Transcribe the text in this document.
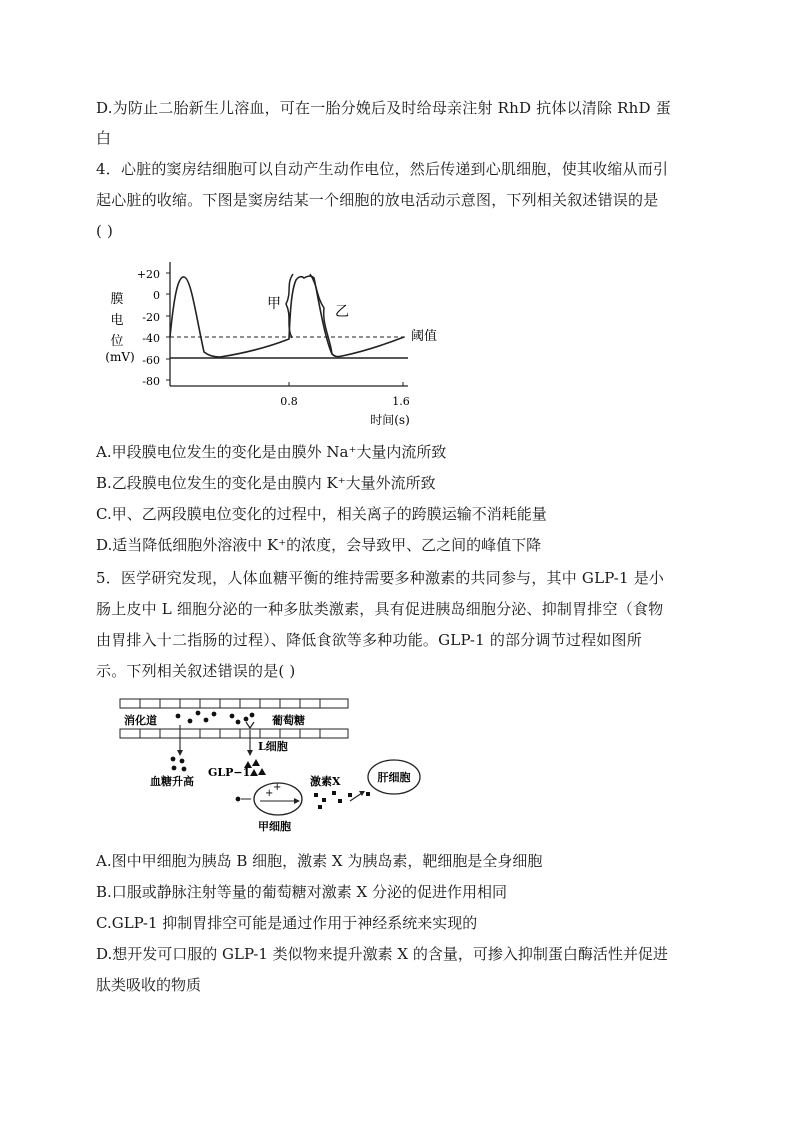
D.为防止二胎新生儿溶血，可在一胎分娩后及时给母亲注射 RhD 抗体以清除 RhD 蛋
白
4．心脏的窦房结细胞可以自动产生动作电位，然后传递到心肌细胞，使其收缩从而引
起心脏的收缩。下图是窦房结某一个细胞的放电活动示意图，下列相关叙述错误的是
( )
膜
电
位
(mV)
+20
0
-20
-40
-60
-80
0.8	1.6
时间(s)
阈值
甲	乙
A.甲段膜电位发生的变化是由膜外 Na⁺大量内流所致
B.乙段膜电位发生的变化是由膜内 K⁺大量外流所致
C.甲、乙两段膜电位变化的过程中，相关离子的跨膜运输不消耗能量
D.适当降低细胞外溶液中 K⁺的浓度，会导致甲、乙之间的峰值下降
5．医学研究发现，人体血糖平衡的维持需要多种激素的共同参与，其中 GLP-1 是小
肠上皮中 L 细胞分泌的一种多肽类激素，具有促进胰岛细胞分泌、抑制胃排空（食物
由胃排入十二指肠的过程）、降低食欲等多种功能。GLP-1 的部分调节过程如图所
示。下列相关叙述错误的是( )
消化道	葡萄糖
血糖升高
L细胞
GLP−1
+
+
甲细胞
激素X	肝细胞
A.图中甲细胞为胰岛 B 细胞，激素 X 为胰岛素，靶细胞是全身细胞
B.口服或静脉注射等量的葡萄糖对激素 X 分泌的促进作用相同
C.GLP-1 抑制胃排空可能是通过作用于神经系统来实现的
D.想开发可口服的 GLP-1 类似物来提升激素 X 的含量，可掺入抑制蛋白酶活性并促进
肽类吸收的物质
